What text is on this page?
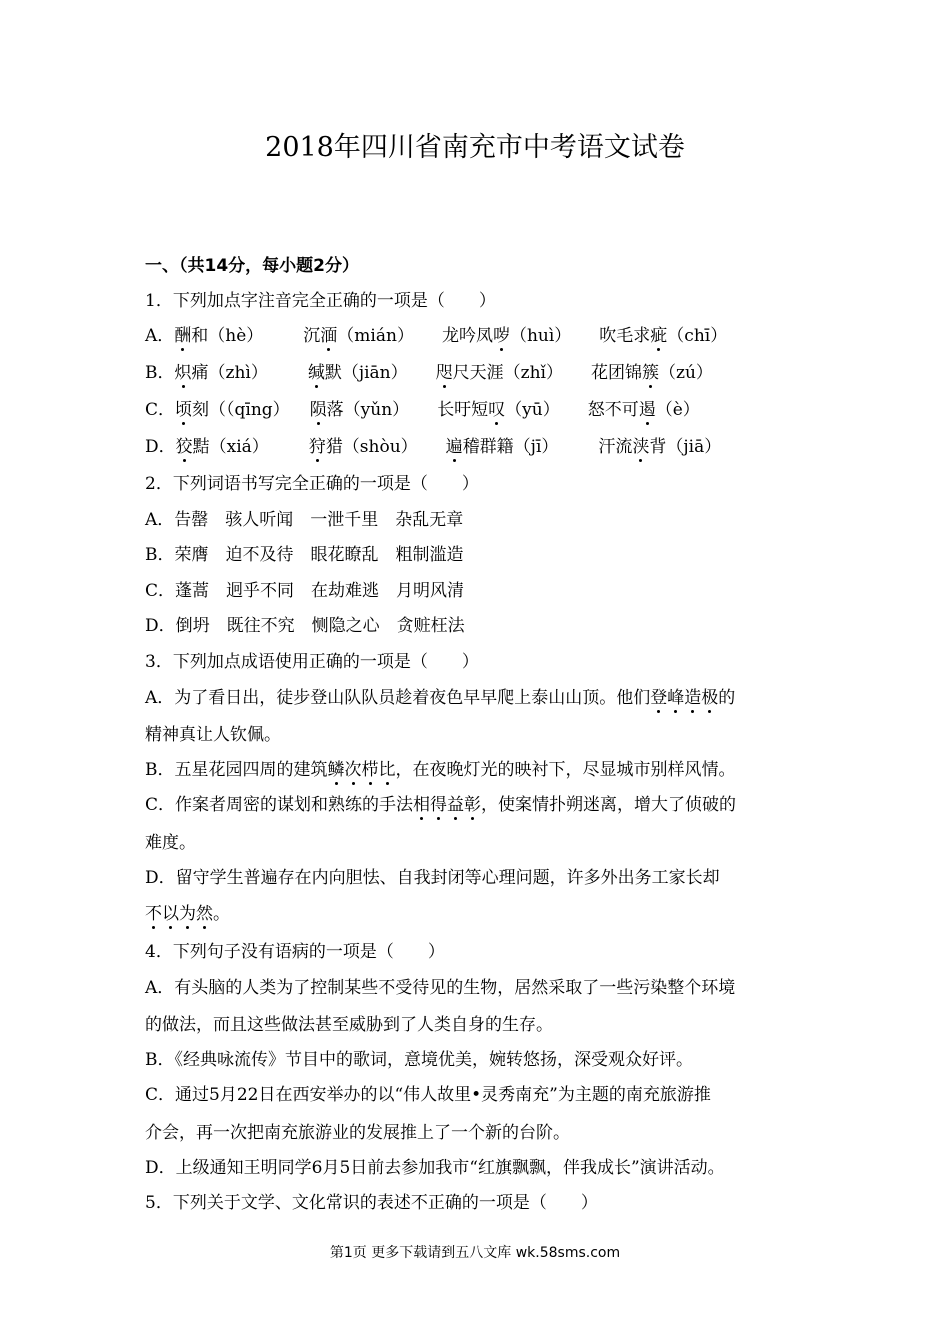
2018年四川省南充市中考语文试卷
一、（共14分，每小题2分）
1．下列加点字注音完全正确的一项是（　　）
A．酬和（hè） 沉湎（mián） 龙吟凤哕（huì） 吹毛求疵（chī）
B．炽痛（zhì） 缄默（jiān） 咫尺天涯（zhǐ） 花团锦簇（zú）
C．顷刻（（qīng） 陨落（yǔn） 长吁短叹（yū） 怒不可遏（è）
D．狡黠（xiá） 狩猎（shòu） 遍稽群籍（jī） 汗流浃背（jiā）
2．下列词语书写完全正确的一项是（　　）
A．告罄　骇人听闻　一泄千里　杂乱无章
B．荣膺　迫不及待　眼花瞭乱　粗制滥造
C．蓬蒿　迥乎不同　在劫难逃　月明风清
D．倒坍　既往不究　恻隐之心　贪赃枉法
3．下列加点成语使用正确的一项是（　　）
A．为了看日出，徒步登山队队员趁着夜色早早爬上泰山山顶。他们登峰造极的
精神真让人钦佩。
B．五星花园四周的建筑鳞次栉比，在夜晚灯光的映衬下，尽显城市别样风情。
C．作案者周密的谋划和熟练的手法相得益彰，使案情扑朔迷离，增大了侦破的
难度。
D．留守学生普遍存在内向胆怯、自我封闭等心理问题，许多外出务工家长却
不以为然。
4．下列句子没有语病的一项是（　　）
A．有头脑的人类为了控制某些不受待见的生物，居然采取了一些污染整个环境
的做法，而且这些做法甚至威胁到了人类自身的生存。
B．《经典咏流传》节目中的歌词，意境优美，婉转悠扬，深受观众好评。
C．通过5月22日在西安举办的以“伟人故里•灵秀南充”为主题的南充旅游推
介会，再一次把南充旅游业的发展推上了一个新的台阶。
D．上级通知王明同学6月5日前去参加我市“红旗飘飘，伴我成长”演讲活动。
5．下列关于文学、文化常识的表述不正确的一项是（　　）
第1页 更多下载请到五八文库 wk.58sms.com
